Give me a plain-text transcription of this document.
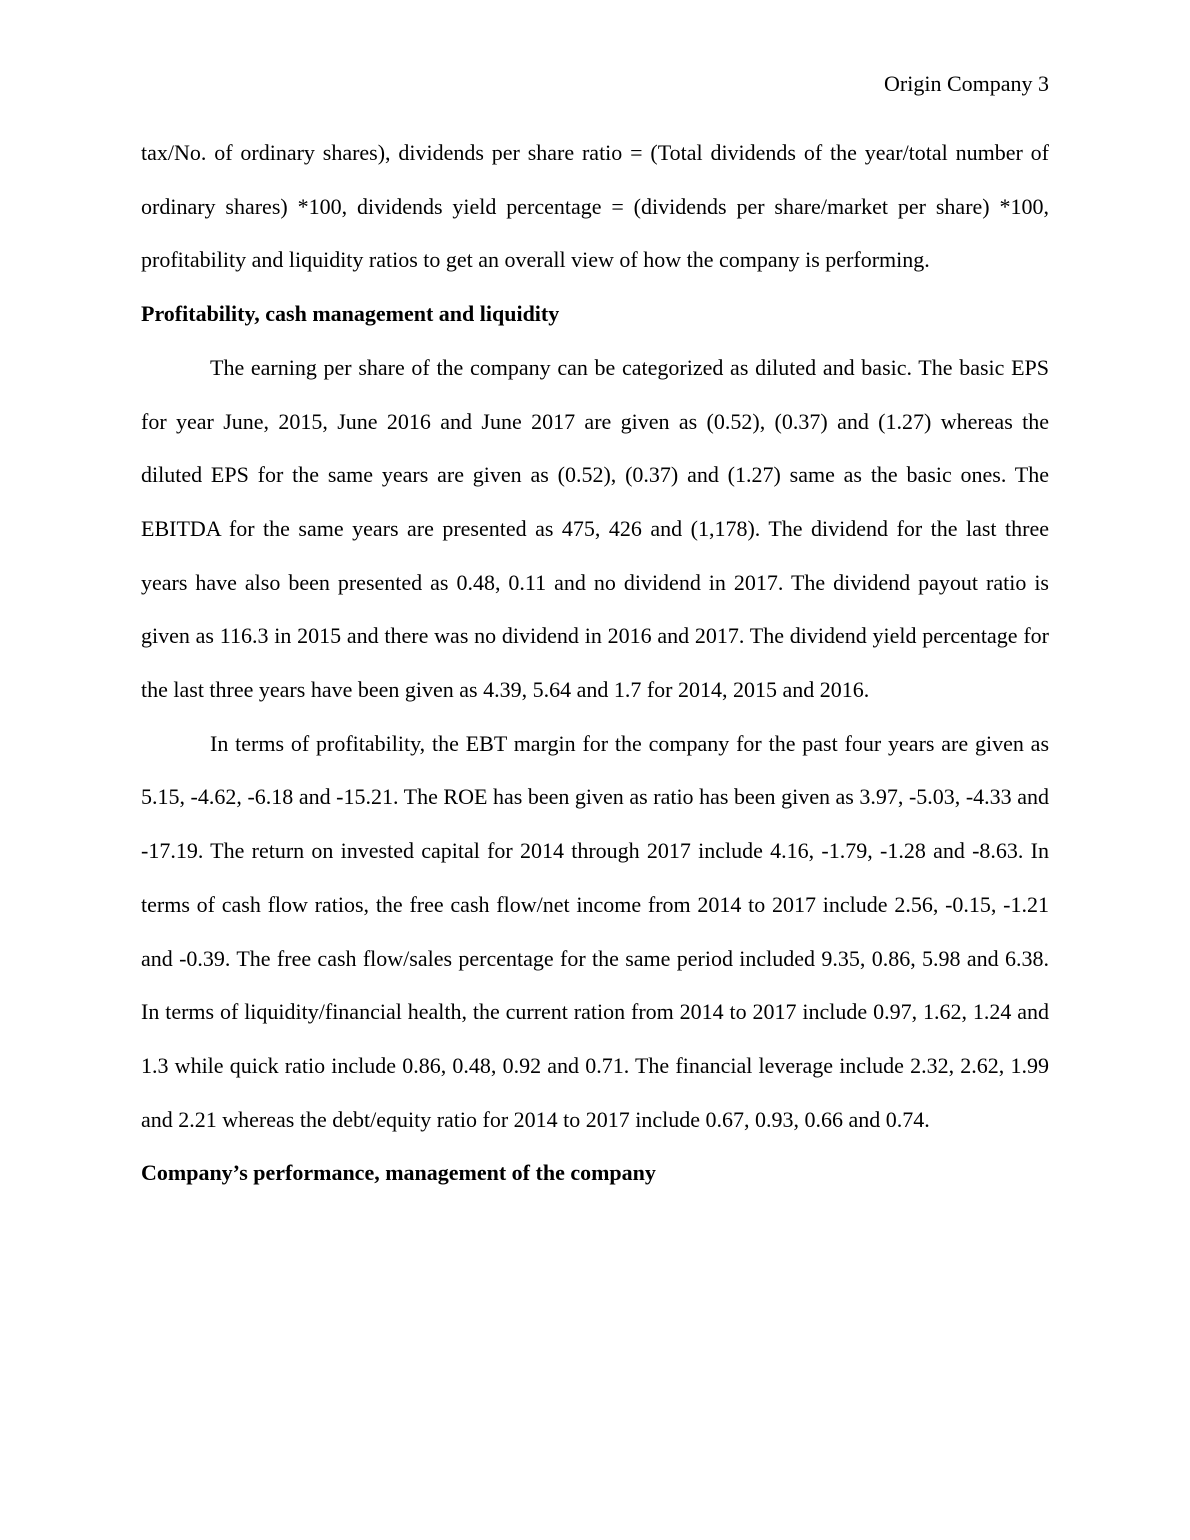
Origin Company 3

tax/No. of ordinary shares), dividends per share ratio = (Total dividends of the year/total number of ordinary shares) *100, dividends yield percentage = (dividends per share/market per share) *100, profitability and liquidity ratios to get an overall view of how the company is performing.

Profitability, cash management and liquidity

The earning per share of the company can be categorized as diluted and basic. The basic EPS for year June, 2015, June 2016 and June 2017 are given as (0.52), (0.37) and (1.27) whereas the diluted EPS for the same years are given as (0.52), (0.37) and (1.27) same as the basic ones. The EBITDA for the same years are presented as 475, 426 and (1,178). The dividend for the last three years have also been presented as 0.48, 0.11 and no dividend in 2017. The dividend payout ratio is given as 116.3 in 2015 and there was no dividend in 2016 and 2017. The dividend yield percentage for the last three years have been given as 4.39, 5.64 and 1.7 for 2014, 2015 and 2016.

In terms of profitability, the EBT margin for the company for the past four years are given as 5.15, -4.62, -6.18 and -15.21. The ROE has been given as ratio has been given as 3.97, -5.03, -4.33 and -17.19. The return on invested capital for 2014 through 2017 include 4.16, -1.79, -1.28 and -8.63. In terms of cash flow ratios, the free cash flow/net income from 2014 to 2017 include 2.56, -0.15, -1.21 and -0.39. The free cash flow/sales percentage for the same period included 9.35, 0.86, 5.98 and 6.38. In terms of liquidity/financial health, the current ration from 2014 to 2017 include 0.97, 1.62, 1.24 and 1.3 while quick ratio include 0.86, 0.48, 0.92 and 0.71. The financial leverage include 2.32, 2.62, 1.99 and 2.21 whereas the debt/equity ratio for 2014 to 2017 include 0.67, 0.93, 0.66 and 0.74.

Company’s performance, management of the company
